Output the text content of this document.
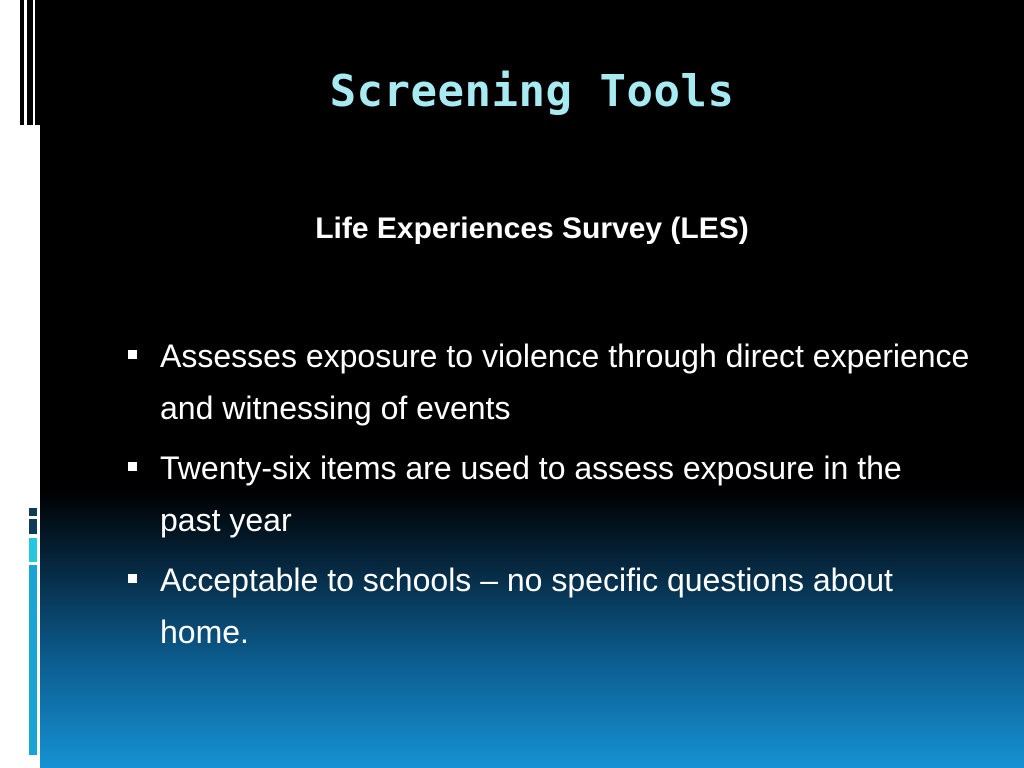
Screening Tools
Life Experiences Survey (LES)
Assesses exposure to violence through direct experience and witnessing of events
Twenty-six items are used to assess exposure in the past year
Acceptable to schools – no specific questions about home.
